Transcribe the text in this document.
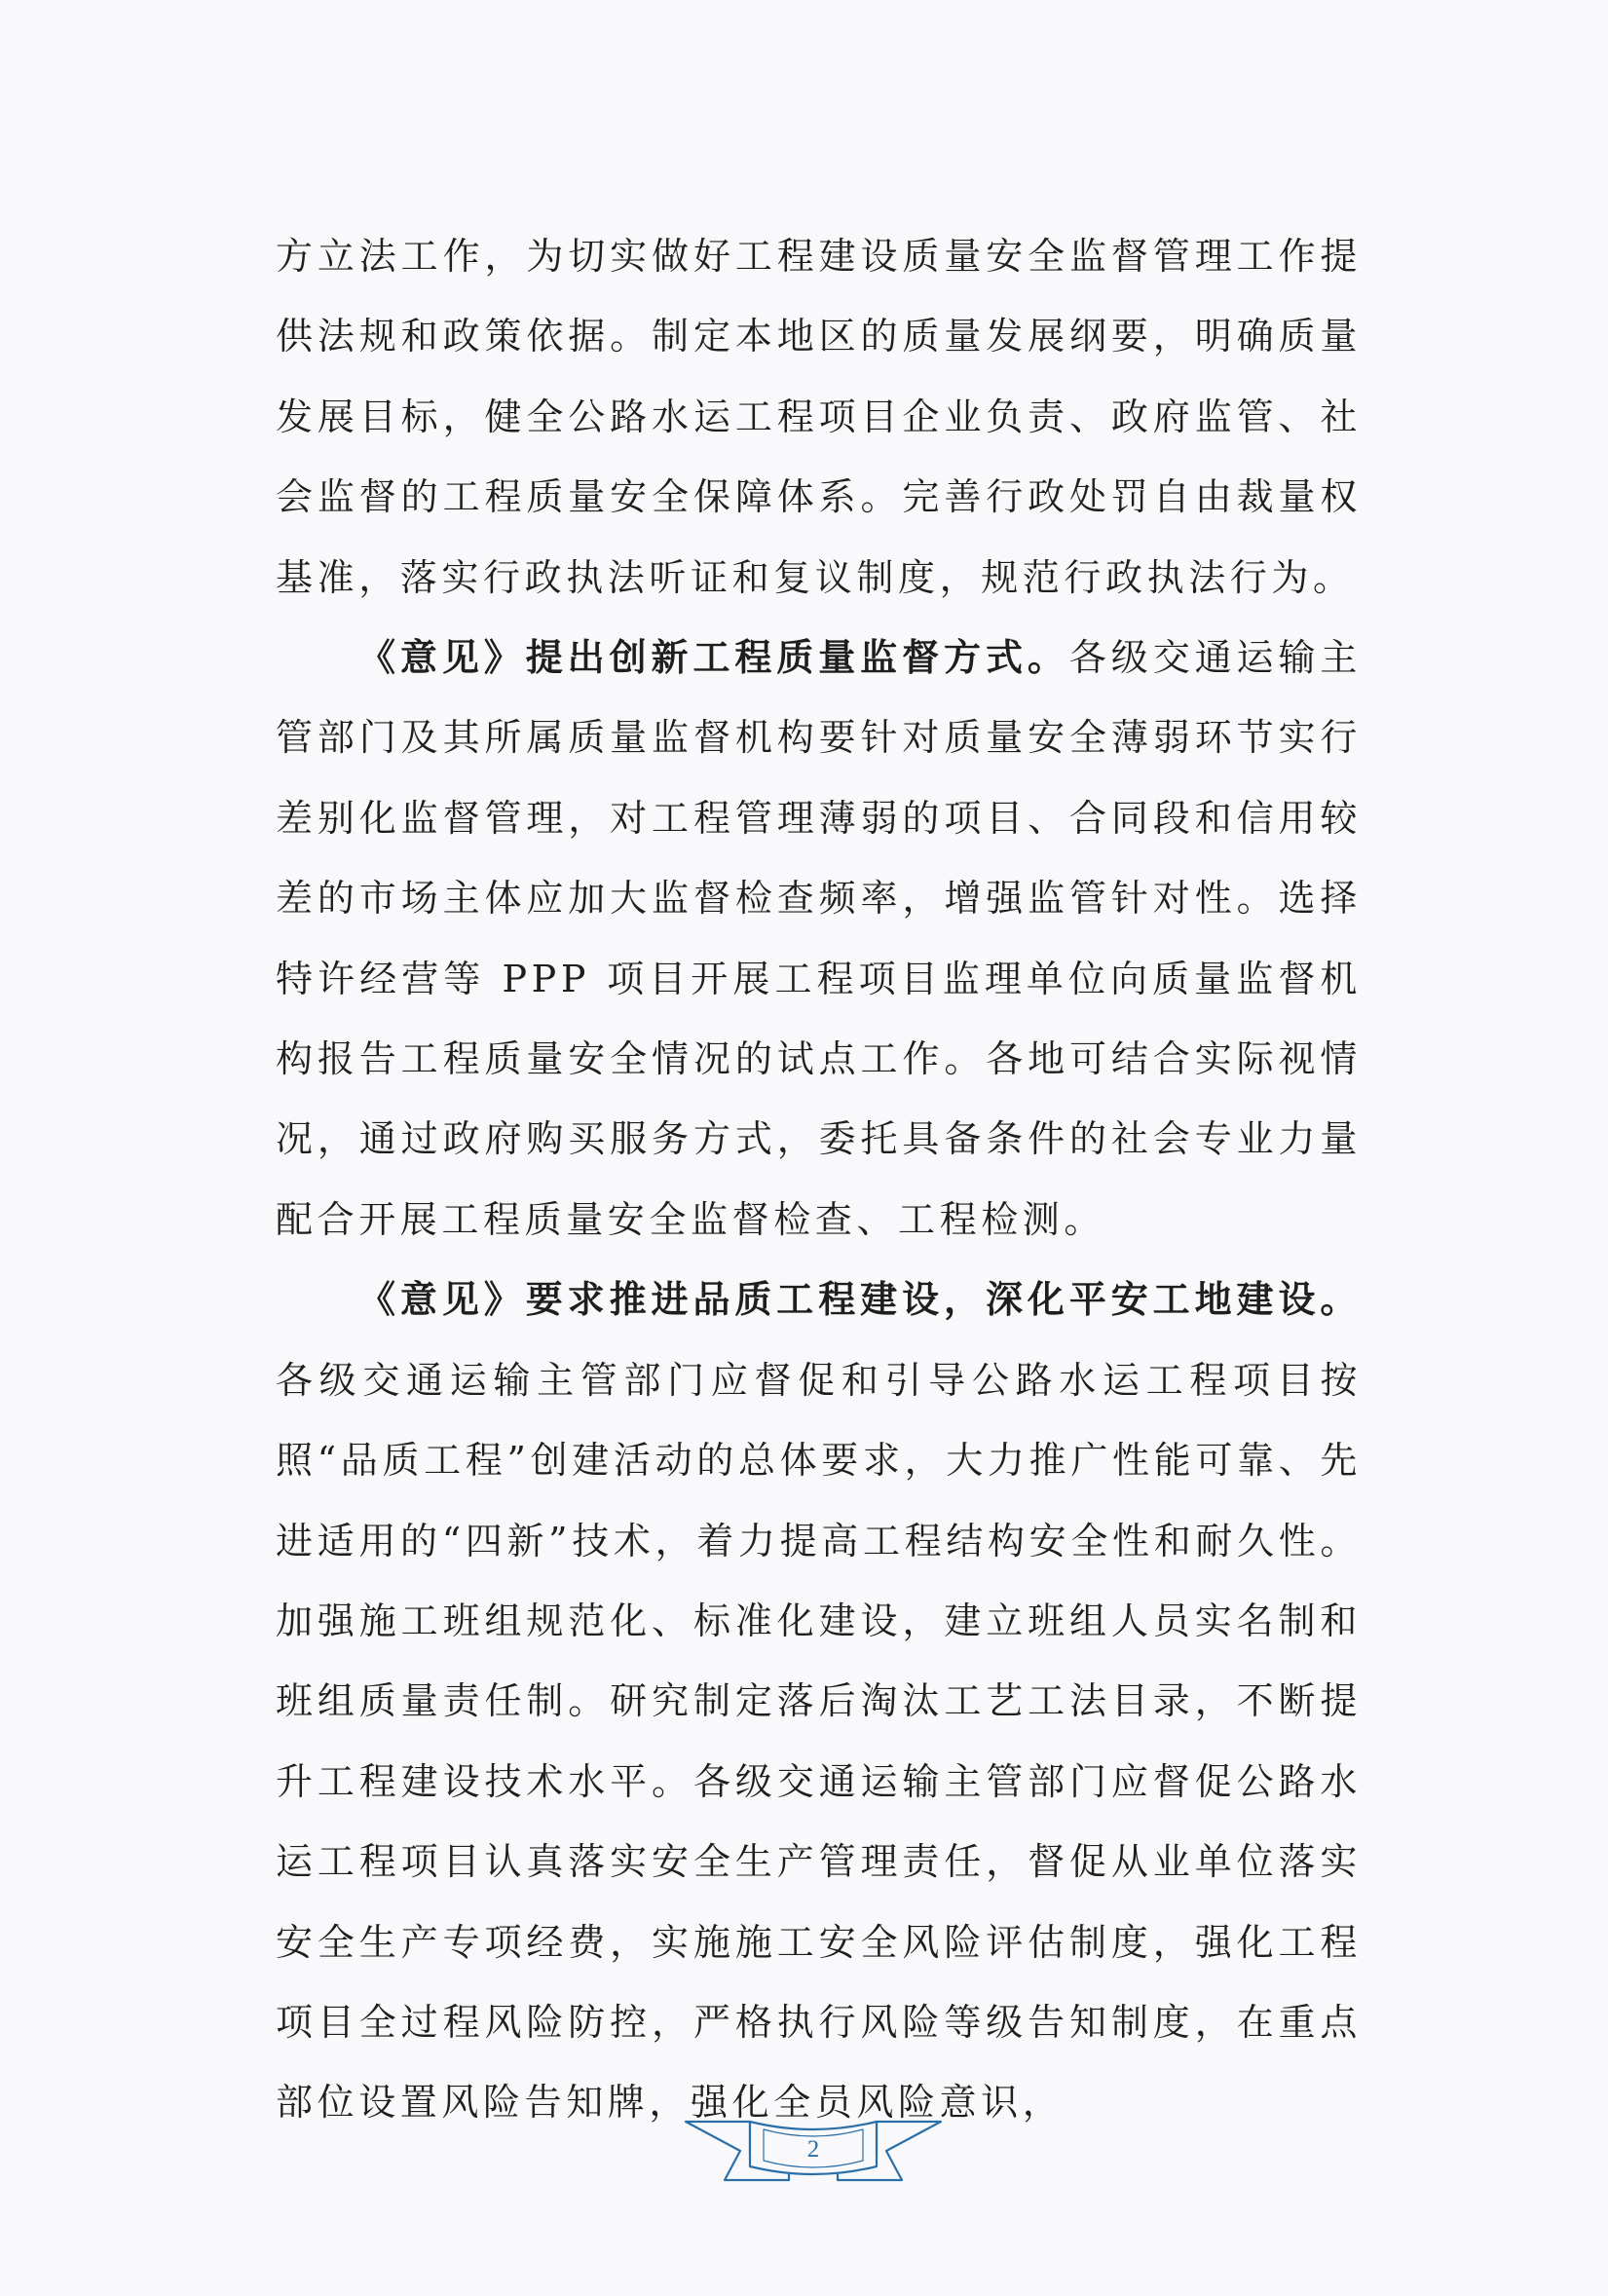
方立法工作，为切实做好工程建设质量安全监督管理工作提供法规和政策依据。制定本地区的质量发展纲要，明确质量发展目标，健全公路水运工程项目企业负责、政府监管、社会监督的工程质量安全保障体系。完善行政处罚自由裁量权基准，落实行政执法听证和复议制度，规范行政执法行为。

《意见》提出创新工程质量监督方式。各级交通运输主管部门及其所属质量监督机构要针对质量安全薄弱环节实行差别化监督管理，对工程管理薄弱的项目、合同段和信用较差的市场主体应加大监督检查频率，增强监管针对性。选择特许经营等 PPP 项目开展工程项目监理单位向质量监督机构报告工程质量安全情况的试点工作。各地可结合实际视情况，通过政府购买服务方式，委托具备条件的社会专业力量配合开展工程质量安全监督检查、工程检测。

《意见》要求推进品质工程建设，深化平安工地建设。各级交通运输主管部门应督促和引导公路水运工程项目按照“品质工程”创建活动的总体要求，大力推广性能可靠、先进适用的“四新”技术，着力提高工程结构安全性和耐久性。加强施工班组规范化、标准化建设，建立班组人员实名制和班组质量责任制。研究制定落后淘汰工艺工法目录，不断提升工程建设技术水平。各级交通运输主管部门应督促公路水运工程项目认真落实安全生产管理责任，督促从业单位落实安全生产专项经费，实施施工安全风险评估制度，强化工程项目全过程风险防控，严格执行风险等级告知制度，在重点部位设置风险告知牌，强化全员风险意识，

2
